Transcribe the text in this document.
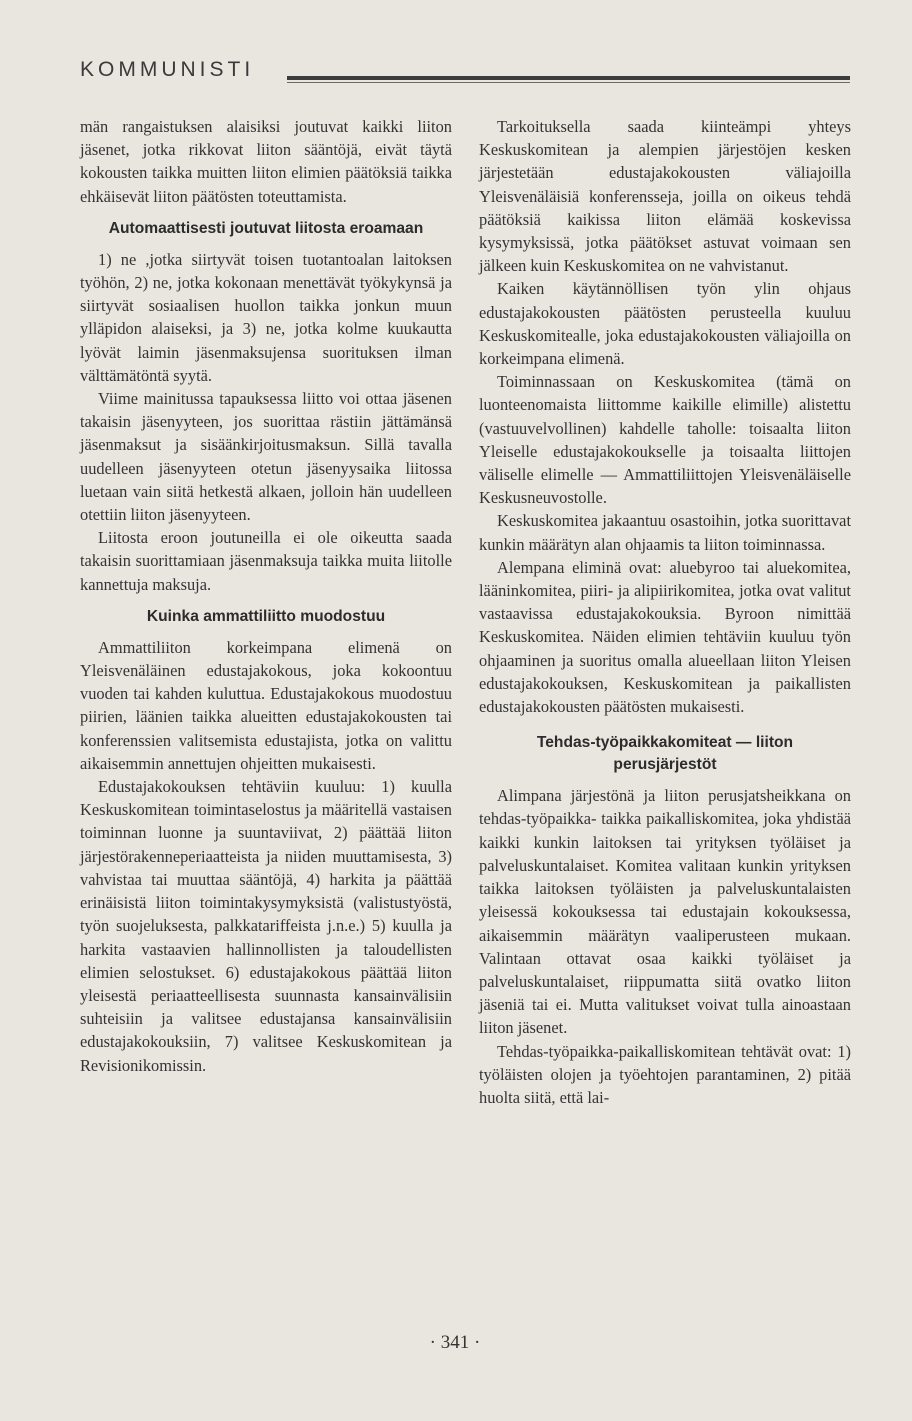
KOMMUNISTI

män rangaistuksen alaisiksi joutuvat kaikki liiton jäsenet, jotka rikkovat liiton sääntöjä, eivät täytä kokousten taikka muitten liiton elimien päätöksiä taikka ehkäisevät liiton päätösten toteuttamista.

Automaattisesti joutuvat liitosta eroamaan

1) ne ,jotka siirtyvät toisen tuotantoalan laitoksen työhön, 2) ne, jotka kokonaan menettävät työkykynsä ja siirtyvät sosiaalisen huollon taikka jonkun muun ylläpidon alaiseksi, ja 3) ne, jotka kolme kuukautta lyövät laimin jäsenmaksujensa suorituksen ilman välttämätöntä syytä.

Viime mainitussa tapauksessa liitto voi ottaa jäsenen takaisin jäsenyyteen, jos suorittaa rästiin jättämänsä jäsenmaksut ja sisäänkirjoitusmaksun. Sillä tavalla uudelleen jäsenyyteen otetun jäsenyysaika liitossa luetaan vain siitä hetkestä alkaen, jolloin hän uudelleen otettiin liiton jäsenyyteen.

Liitosta eroon joutuneilla ei ole oikeutta saada takaisin suorittamiaan jäsenmaksuja taikka muita liitolle kannettuja maksuja.

Kuinka ammattiliitto muodostuu

Ammattiliiton korkeimpana elimenä on Yleisvenäläinen edustajakokous, joka kokoontuu vuoden tai kahden kuluttua. Edustajakokous muodostuu piirien, läänien taikka alueitten edustajakokousten tai konferenssien valitsemista edustajista, jotka on valittu aikaisemmin annettujen ohjeitten mukaisesti.

Edustajakokouksen tehtäviin kuuluu: 1) kuulla Keskuskomitean toimintaselostus ja määritellä vastaisen toiminnan luonne ja suuntaviivat, 2) päättää liiton järjestörakenneperiaatteista ja niiden muuttamisesta, 3) vahvistaa tai muuttaa sääntöjä, 4) harkita ja päättää erinäisistä liiton toimintakysymyksistä (valistustyöstä, työn suojeluksesta, palkkatariffeista j.n.e.) 5) kuulla ja harkita vastaavien hallinnollisten ja taloudellisten elimien selostukset. 6) edustajakokous päättää liiton yleisestä periaatteellisesta suunnasta kansainvälisiin suhteisiin ja valitsee edustajansa kansainvälisiin edustajakokouksiin, 7) valitsee Keskuskomitean ja Revisionikomissin.

Tarkoituksella saada kiinteämpi yhteys Keskuskomitean ja alempien järjestöjen kesken järjestetään edustajakokousten väliajoilla Yleisvenäläisiä konferensseja, joilla on oikeus tehdä päätöksiä kaikissa liiton elämää koskevissa kysymyksissä, jotka päätökset astuvat voimaan sen jälkeen kuin Keskuskomitea on ne vahvistanut.

Kaiken käytännöllisen työn ylin ohjaus edustajakokousten päätösten perusteella kuuluu Keskuskomitealle, joka edustajakokousten väliajoilla on korkeimpana elimenä.

Toiminnassaan on Keskuskomitea (tämä on luonteenomaista liittomme kaikille elimille) alistettu (vastuuvelvollinen) kahdelle taholle: toisaalta liiton Yleiselle edustajakokoukselle ja toisaalta liittojen väliselle elimelle — Ammattiliittojen Yleisvenäläiselle Keskusneuvostolle.

Keskuskomitea jakaantuu osastoihin, jotka suorittavat kunkin määrätyn alan ohjaamis ta liiton toiminnassa.

Alempana elіminä ovat: aluebyroo tai aluekomitea, lääninkomitea, piiri- ja alipiirikomitea, jotka ovat valitut vastaavissa edustajakokouksia. Byroon nimittää Keskuskomitea. Näiden elimien tehtäviin kuuluu työn ohjaaminen ja suoritus omalla alueellaan liiton Yleisen edustajakokouksen, Keskuskomitean ja paikallisten edustajakokousten päätösten mukaisesti.

Tehdas-työpaikkakomiteat — liiton perusjärjestöt

Alimpana järjestönä ja liiton perusjatsheikkana on tehdas-työpaikka- taikka paikalliskomitea, joka yhdistää kaikki kunkin laitoksen tai yrityksen työläiset ja palveluskuntalaiset. Komitea valitaan kunkin yrityksen taikka laitoksen työläisten ja palveluskuntalaisten yleisessä kokouksessa tai edustajain kokouksessa, aikaisemmin määrätyn vaaliperusteen mukaan. Valintaan ottavat osaa kaikki työläiset ja palveluskuntalaiset, riippumatta siitä ovatko liiton jäseniä tai ei. Mutta valitukset voivat tulla ainoastaan liiton jäsenet.

Tehdas-työpaikka-paikalliskomitean tehtävät ovat: 1) työläisten olojen ja työehtojen parantaminen, 2) pitää huolta siitä, että lai-

· 341 ·
